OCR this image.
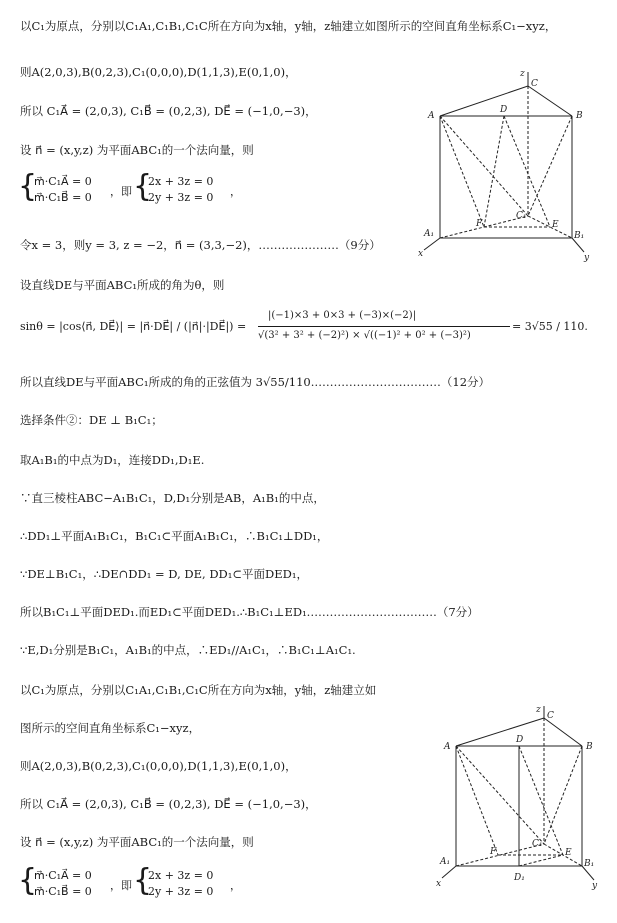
以C₁为原点，分别以C₁A₁,C₁B₁,C₁C所在方向为x轴，y轴，z轴建立如图所示的空间直角坐标系C₁−xyz，
则A(2,0,3),B(0,2,3),C₁(0,0,0),D(1,1,3),E(0,1,0)，
所以 C₁A⃗ = (2,0,3), C₁B⃗ = (0,2,3), DE⃗ = (−1,0,−3)，
设 n⃗ = (x,y,z) 为平面ABC₁的一个法向量，则
{
m⃗·C₁A⃗ = 0
m⃗·C₁B⃗ = 0 ，即 {
2x + 3z = 0
2y + 3z = 0 ，
令x = 3，则y = 3, z = −2，n⃗ = (3,3,−2)，…………………（9分）
设直线DE与平面ABC₁所成的角为θ，则
sinθ = |cos⟨n⃗, DE⃗⟩| = |n⃗·DE⃗| / (|n⃗|·|DE⃗|) =
|(−1)×3 + 0×3 + (−3)×(−2)|
√(3² + 3² + (−2)²) × √((−1)² + 0² + (−3)²)
= 3√55 / 110.
所以直线DE与平面ABC₁所成的角的正弦值为 3√55/110.……………………………（12分）
选择条件②：DE ⊥ B₁C₁；
取A₁B₁的中点为D₁，连接DD₁,D₁E.
∵直三棱柱ABC−A₁B₁C₁，D,D₁分别是AB，A₁B₁的中点，
∴DD₁⊥平面A₁B₁C₁，B₁C₁⊂平面A₁B₁C₁，∴B₁C₁⊥DD₁，
∵DE⊥B₁C₁，∴DE∩DD₁ = D, DE, DD₁⊂平面DED₁，
所以B₁C₁⊥平面DED₁.而ED₁⊂平面DED₁.∴B₁C₁⊥ED₁.……………………………（7分）
∵E,D₁分别是B₁C₁，A₁B₁的中点，∴ED₁//A₁C₁，∴B₁C₁⊥A₁C₁.
以C₁为原点，分别以C₁A₁,C₁B₁,C₁C所在方向为x轴，y轴，z轴建立如
图所示的空间直角坐标系C₁−xyz，
则A(2,0,3),B(0,2,3),C₁(0,0,0),D(1,1,3),E(0,1,0)，
所以 C₁A⃗ = (2,0,3), C₁B⃗ = (0,2,3), DE⃗ = (−1,0,−3)，
设 n⃗ = (x,y,z) 为平面ABC₁的一个法向量，则
{
m⃗·C₁A⃗ = 0
m⃗·C₁B⃗ = 0 ，即 {
2x + 3z = 0
2y + 3z = 0 ，
z
C
D
A	B
F
C₁
E
A₁	B₁
x	y
z
C
D
A	B
F
C₁
E
A₁	B₁
D₁
x	y
